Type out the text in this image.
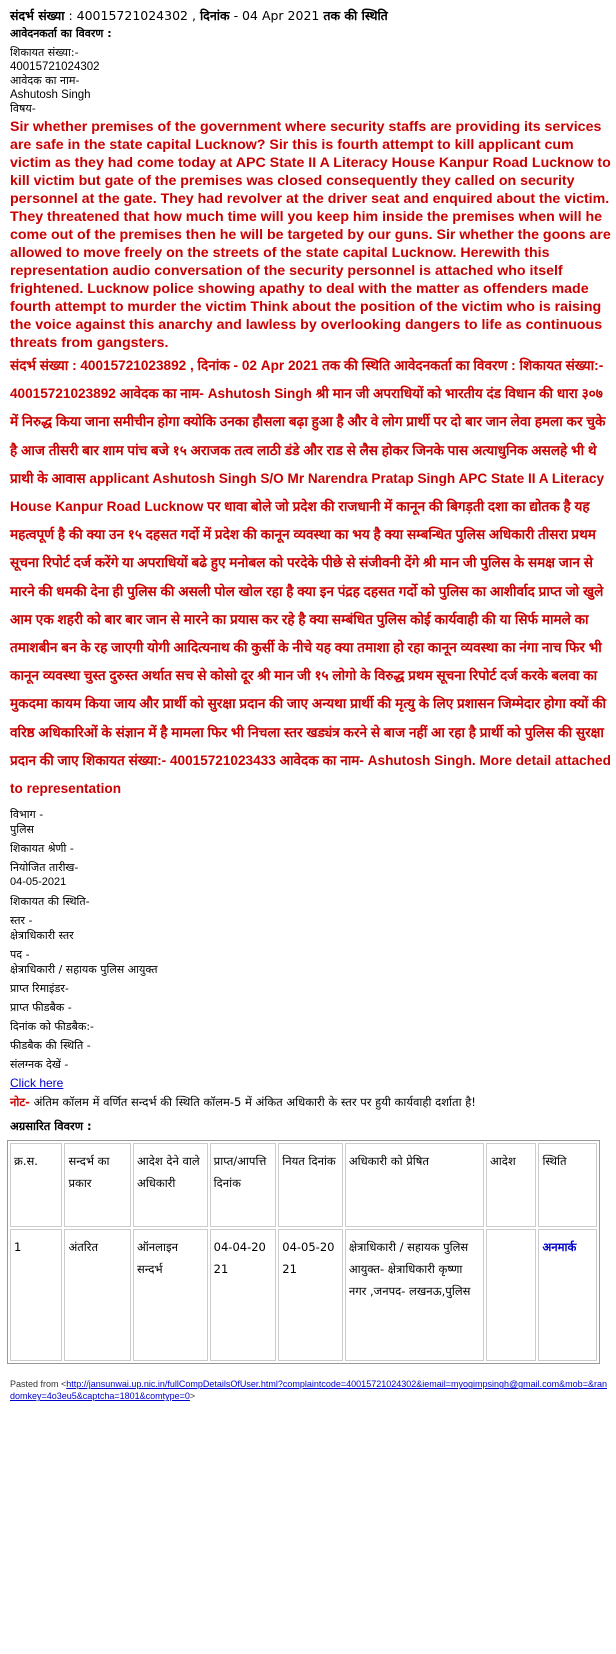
संदर्भ संख्या : 40015721024302 , दिनांक - 04 Apr 2021 तक की स्थिति
आवेदनकर्ता का विवरण :
शिकायत संख्या:-
40015721024302
आवेदक का नाम-
Ashutosh Singh
विषय-
Sir whether premises of the government where security staffs are providing its services are safe in the state capital Lucknow? Sir this is fourth attempt to kill applicant cum victim as they had come today at APC State II A Literacy House Kanpur Road Lucknow to kill victim but gate of the premises was closed consequently they called on security personnel at the gate. They had revolver at the driver seat and enquired about the victim. They threatened that how much time will you keep him inside the premises when will he come out of the premises then he will be targeted by our guns. Sir whether the goons are allowed to move freely on the streets of the state capital Lucknow. Herewith this representation audio conversation of the security personnel is attached who itself frightened. Lucknow police showing apathy to deal with the matter as offenders made fourth attempt to murder the victim Think about the position of the victim who is raising the voice against this anarchy and lawless by overlooking dangers to life as continuous threats from gangsters.
संदर्भ संख्या : 40015721023892 , दिनांक - 02 Apr 2021 तक की स्थिति आवेदनकर्ता का विवरण : शिकायत संख्या:- 40015721023892 आवेदक का नाम- Ashutosh Singh श्री मान जी अपराधियों को भारतीय दंड विधान की धारा ३०७ में निरुद्ध किया जाना समीचीन होगा क्योकि उनका हौसला बढ़ा हुआ है और वे लोग प्रार्थी पर दो बार जान लेवा हमला कर चुके है आज तीसरी बार शाम पांच बजे १५ अराजक तत्व लाठी डंडे और राड से लैस होकर जिनके पास अत्याधुनिक असलहे भी थे प्राथी के आवास applicant Ashutosh Singh S/O Mr Narendra Pratap Singh APC State II A Literacy House Kanpur Road Lucknow पर धावा बोले जो प्रदेश की राजधानी में कानून की बिगड़ती दशा का द्योतक है यह महत्वपूर्ण है की क्या उन १५ दहसत गर्दो में प्रदेश की कानून व्यवस्था का भय है क्या सम्बन्धित पुलिस अधिकारी तीसरा प्रथम सूचना रिपोर्ट दर्ज करेंगे या अपराधियों बढे हुए मनोबल को परदेके पीछे से संजीवनी देंगे श्री मान जी पुलिस के समक्ष जान से मारने की धमकी देना ही पुलिस की असली पोल खोल रहा है क्या इन पंद्रह दहसत गर्दो को पुलिस का आशीर्वाद प्राप्त जो खुले आम एक शहरी को बार बार जान से मारने का प्रयास कर रहे है क्या सम्बंधित पुलिस कोई कार्यवाही की या सिर्फ मामले का तमाशबीन बन के रह जाएगी योगी आदित्यनाथ की कुर्सी के नीचे यह क्या तमाशा हो रहा कानून व्यवस्था का नंगा नाच फिर भी कानून व्यवस्था चुस्त दुरुस्त अर्थात सच से कोसो दूर श्री मान जी १५ लोगो के विरुद्ध प्रथम सूचना रिपोर्ट दर्ज करके बलवा का मुकदमा कायम किया जाय और प्रार्थी को सुरक्षा प्रदान की जाए अन्यथा प्रार्थी की मृत्यु के लिए प्रशासन जिम्मेदार होगा क्यों की वरिष्ठ अधिकारिओं के संज्ञान में है मामला फिर भी निचला स्तर खड्यंत्र करने से बाज नहीं आ रहा है प्रार्थी को पुलिस की सुरक्षा प्रदान की जाए शिकायत संख्या:- 40015721023433 आवेदक का नाम- Ashutosh Singh. More detail attached to representation
विभाग -
पुलिस
शिकायत श्रेणी -
नियोजित तारीख-
04-05-2021
शिकायत की स्थिति-
स्तर -
क्षेत्राधिकारी स्तर
पद -
क्षेत्राधिकारी / सहायक पुलिस आयुक्त
प्राप्त रिमाइंडर-
प्राप्त फीडबैक -
दिनांक को फीडबैक:-
फीडबैक की स्थिति -
संलग्नक देखें -
Click here
नोट- अंतिम कॉलम में वर्णित सन्दर्भ की स्थिति कॉलम-5 में अंकित अधिकारी के स्तर पर हुयी कार्यवाही दर्शाता है!
अग्रसारित विवरण :
क्र.स.	सन्दर्भ का प्रकार	आदेश देने वाले अधिकारी	प्राप्त/आपत्ति दिनांक	नियत दिनांक	अधिकारी को प्रेषित	आदेश	स्थिति
1	अंतरित	ऑनलाइन सन्दर्भ	04-04-2021	04-05-2021	क्षेत्राधिकारी / सहायक पुलिस आयुक्त- क्षेत्राधिकारी कृष्णा नगर ,जनपद- लखनऊ,पुलिस		अनमार्क
Pasted from <http://jansunwai.up.nic.in/fullCompDetailsOfUser.html?complaintcode=40015721024302&iemail=myogimpsingh@gmail.com&mob=&randomkey=4o3eu5&captcha=1801&comtype=0>
